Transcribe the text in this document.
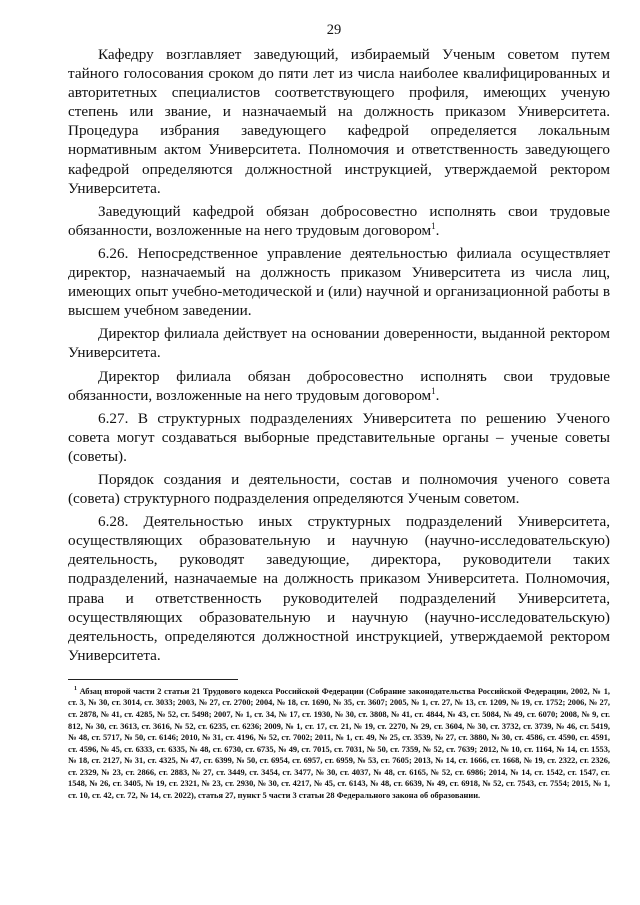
29

Кафедру возглавляет заведующий, избираемый Ученым советом путем тайного голосования сроком до пяти лет из числа наиболее квалифицированных и авторитетных специалистов соответствующего профиля, имеющих ученую степень или звание, и назначаемый на должность приказом Университета. Процедура избрания заведующего кафедрой определяется локальным нормативным актом Университета. Полномочия и ответственность заведующего кафедрой определяются должностной инструкцией, утверждаемой ректором Университета.

Заведующий кафедрой обязан добросовестно исполнять свои трудовые обязанности, возложенные на него трудовым договором$^1$.

6.26. Непосредственное управление деятельностью филиала осуществляет директор, назначаемый на должность приказом Университета из числа лиц, имеющих опыт учебно-методической и (или) научной и организационной работы в высшем учебном заведении.

Директор филиала действует на основании доверенности, выданной ректором Университета.

Директор филиала обязан добросовестно исполнять свои трудовые обязанности, возложенные на него трудовым договором$^1$.

6.27. В структурных подразделениях Университета по решению Ученого совета могут создаваться выборные представительные органы – ученые советы (советы).

Порядок создания и деятельности, состав и полномочия ученого совета (совета) структурного подразделения определяются Ученым советом.

6.28. Деятельностью иных структурных подразделений Университета, осуществляющих образовательную и научную (научно-исследовательскую) деятельность, руководят заведующие, директора, руководители таких подразделений, назначаемые на должность приказом Университета. Полномочия, права и ответственность руководителей подразделений Университета, осуществляющих образовательную и научную (научно-исследовательскую) деятельность, определяются должностной инструкцией, утверждаемой ректором Университета.

$^1$ Абзац второй части 2 статьи 21 Трудового кодекса Российской Федерации (Собрание законодательства Российской Федерации, 2002, № 1, ст. 3, № 30, ст. 3014, ст. 3033; 2003, № 27, ст. 2700; 2004, № 18, ст. 1690, № 35, ст. 3607; 2005, № 1, ст. 27, № 13, ст. 1209, № 19, ст. 1752; 2006, № 27, ст. 2878, № 41, ст. 4285, № 52, ст. 5498; 2007, № 1, ст. 34, № 17, ст. 1930, № 30, ст. 3808, № 41, ст. 4844, № 43, ст. 5084, № 49, ст. 6070; 2008, № 9, ст. 812, № 30, ст. 3613, ст. 3616, № 52, ст. 6235, ст. 6236; 2009, № 1, ст. 17, ст. 21, № 19, ст. 2270, № 29, ст. 3604, № 30, ст. 3732, ст. 3739, № 46, ст. 5419, № 48, ст. 5717, № 50, ст. 6146; 2010, № 31, ст. 4196, № 52, ст. 7002; 2011, № 1, ст. 49, № 25, ст. 3539, № 27, ст. 3880, № 30, ст. 4586, ст. 4590, ст. 4591, ст. 4596, № 45, ст. 6333, ст. 6335, № 48, ст. 6730, ст. 6735, № 49, ст. 7015, ст. 7031, № 50, ст. 7359, № 52, ст. 7639; 2012, № 10, ст. 1164, № 14, ст. 1553, № 18, ст. 2127, № 31, ст. 4325, № 47, ст. 6399, № 50, ст. 6954, ст. 6957, ст. 6959, № 53, ст. 7605; 2013, № 14, ст. 1666, ст. 1668, № 19, ст. 2322, ст. 2326, ст. 2329, № 23, ст. 2866, ст. 2883, № 27, ст. 3449, ст. 3454, ст. 3477, № 30, ст. 4037, № 48, ст. 6165, № 52, ст. 6986; 2014, № 14, ст. 1542, ст. 1547, ст. 1548, № 26, ст. 3405, № 19, ст. 2321, № 23, ст. 2930, № 30, ст. 4217, № 45, ст. 6143, № 48, ст. 6639, № 49, ст. 6918, № 52, ст. 7543, ст. 7554; 2015, № 1, ст. 10, ст. 42, ст. 72, № 14, ст. 2022), статья 27, пункт 5 части 3 статьи 28 Федерального закона об образовании.
